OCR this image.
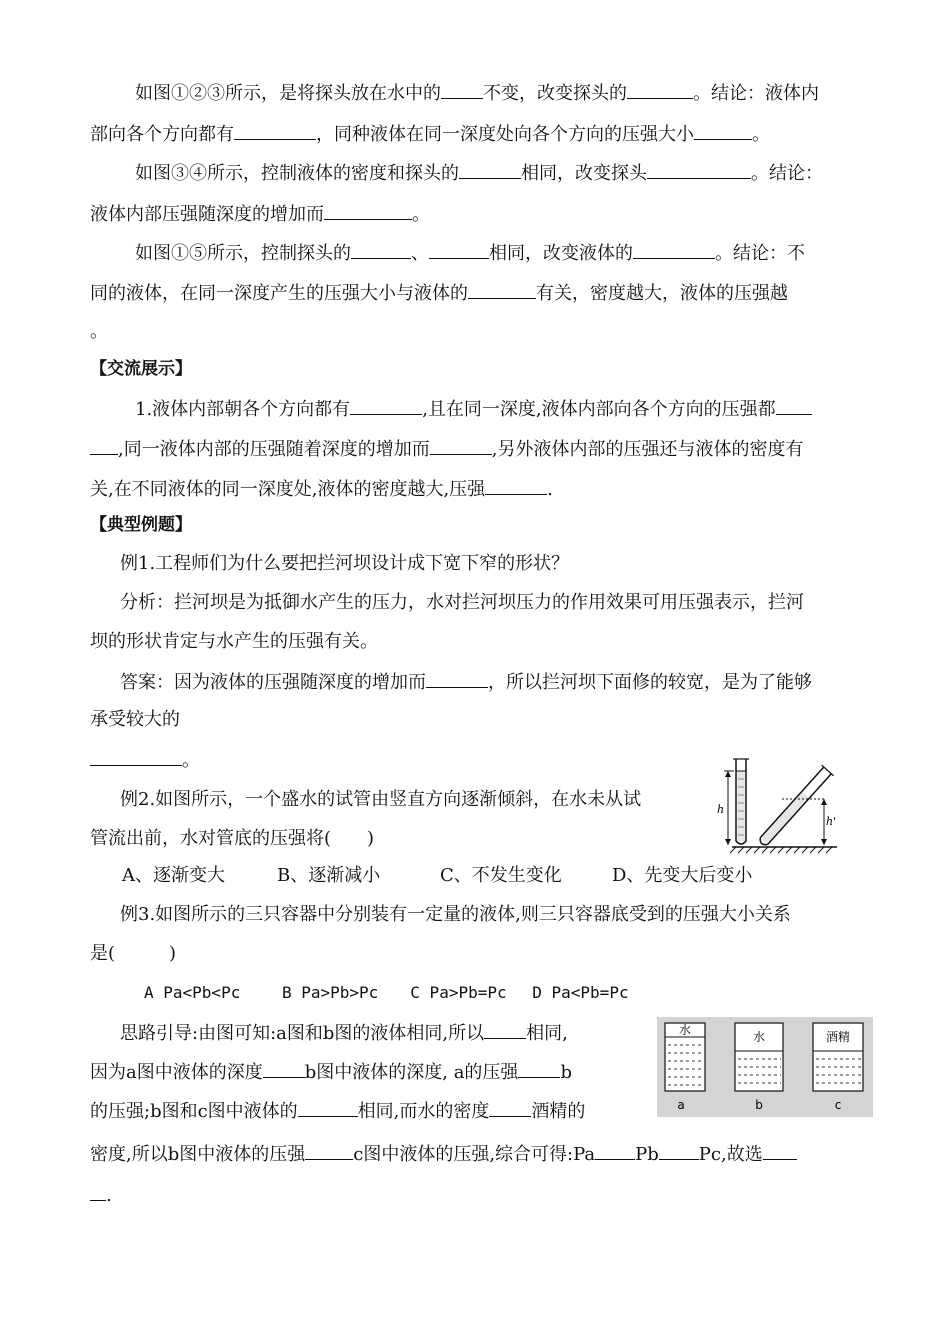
如图①②③所示，是将探头放在水中的 不变，改变探头的	。结论：液体内
部向各个方向都有	，同种液体在同一深度处向各个方向的压强大小	。
如图③④所示，控制液体的密度和探头的	相同，改变探头	。结论：
液体内部压强随深度的增加而	。
如图①⑤所示，控制探头的	、	相同，改变液体的	。结论：不
同的液体，在同一深度产生的压强大小与液体的	有关，密度越大，液体的压强越
。
【交流展示】
1.液体内部朝各个方向都有	,且在同一深度,液体内部向各个方向的压强都
,同一液体内部的压强随着深度的增加而	,另外液体内部的压强还与液体的密度有
关,在不同液体的同一深度处,液体的密度越大,压强	.
【典型例题】
例1.工程师们为什么要把拦河坝设计成下宽下窄的形状？
分析：拦河坝是为抵御水产生的压力，水对拦河坝压力的作用效果可用压强表示，拦河
坝的形状肯定与水产生的压强有关。
答案：因为液体的压强随深度的增加而	，所以拦河坝下面修的较宽，是为了能够
承受较大的
。
例2.如图所示，一个盛水的试管由竖直方向逐渐倾斜，在水未从试
管流出前，水对管底的压强将(　　)
A、逐渐变大	B、逐渐减小	C、不发生变化	D、先变大后变小
h
h'
例3.如图所示的三只容器中分别装有一定量的液体,则三只容器底受到的压强大小关系
是(　　　)
A Pa<Pb<Pc　　 B Pa>Pb>Pc　　C Pa>Pb=Pc　 D Pa<Pb=Pc
思路引导:由图可知:a图和b图的液体相同,所以 相同,
因为a图中液体的深度 b图中液体的深度, a的压强 b
的压强;b图和c图中液体的	相同,而水的密度 酒精的
密度,所以b图中液体的压强	c图中液体的压强,综合可得:Pa Pb Pc,故选
.
水
a
水
b
酒精
c
